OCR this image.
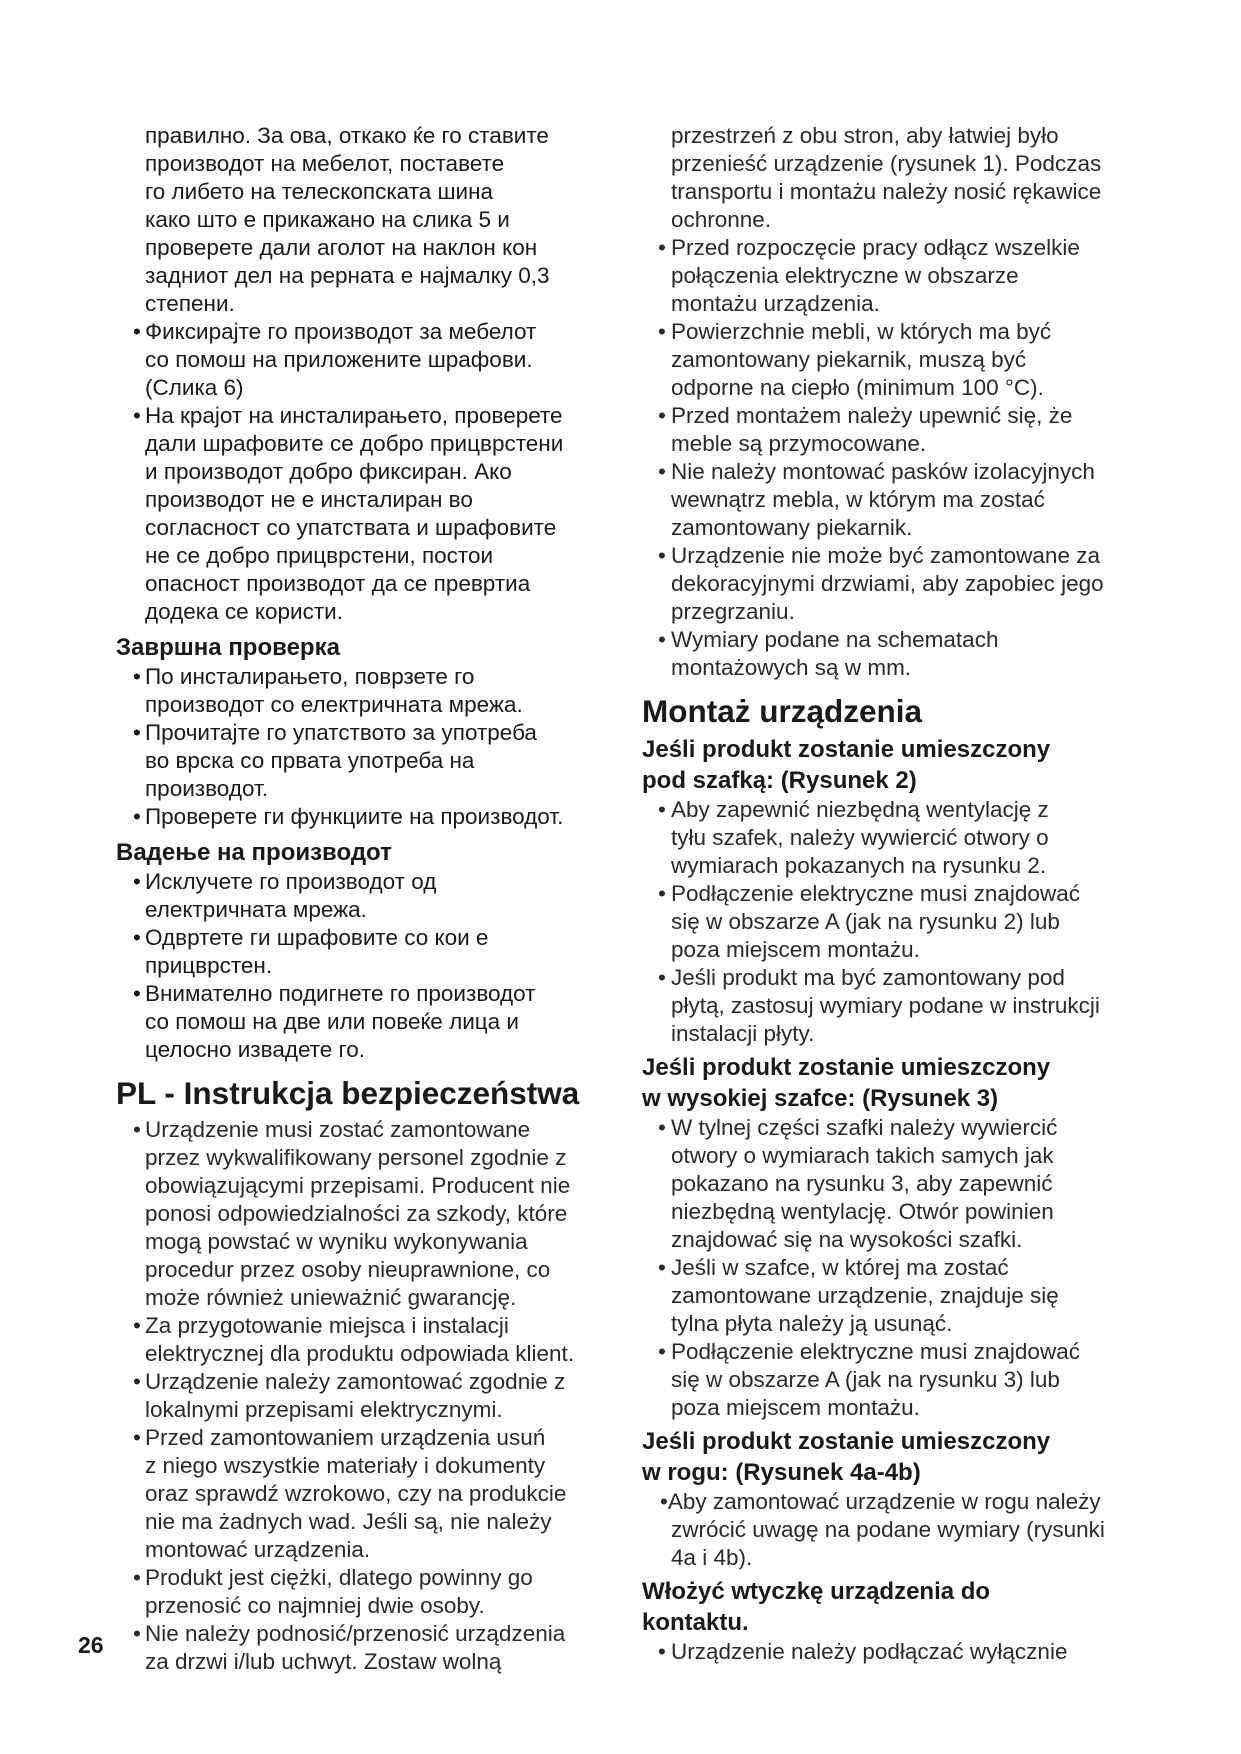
правилно. За ова, откако ќе го ставите
производот на мебелот, поставете
го либето на телескопската шина
како што е прикажано на слика 5 и
проверете дали аголот на наклон кон
задниот дел на рерната е најмалку 0,3
степени.
• Фиксирајте го производот за мебелот
со помош на приложените шрафови.
(Слика 6)
• На крајот на инсталирањето, проверете
дали шрафовите се добро прицврстени
и производот добро фиксиран. Ако
производот не е инсталиран во
согласност со упатствата и шрафовите
не се добро прицврстени, постои
опасност производот да се превртиа
додека се користи.
Завршна проверка
• По инсталирањето, поврзете го
производот со електричната мрежа.
• Прочитајте го упатството за употреба
во врска со првата употреба на
производот.
• Проверете ги функциите на производот.
Вадење на производот
• Исклучете го производот од
електричната мрежа.
• Одвртете ги шрафовите со кои е
прицврстен.
• Внимателно подигнете го производот
со помош на две или повеќе лица и
целосно извадете го.
PL - Instrukcja bezpieczeństwa
• Urządzenie musi zostać zamontowane
przez wykwalifikowany personel zgodnie z
obowiązującymi przepisami. Producent nie
ponosi odpowiedzialności za szkody, które
mogą powstać w wyniku wykonywania
procedur przez osoby nieuprawnione, co
może również unieważnić gwarancję.
• Za przygotowanie miejsca i instalacji
elektrycznej dla produktu odpowiada klient.
• Urządzenie należy zamontować zgodnie z
lokalnymi przepisami elektrycznymi.
• Przed zamontowaniem urządzenia usuń
z niego wszystkie materiały i dokumenty
oraz sprawdź wzrokowo, czy na produkcie
nie ma żadnych wad. Jeśli są, nie należy
montować urządzenia.
• Produkt jest ciężki, dlatego powinny go
przenosić co najmniej dwie osoby.
• Nie należy podnosić/przenosić urządzenia
za drzwi i/lub uchwyt. Zostaw wolną
przestrzeń z obu stron, aby łatwiej było
przenieść urządzenie (rysunek 1). Podczas
transportu i montażu należy nosić rękawice
ochronne.
• Przed rozpoczęcie pracy odłącz wszelkie
połączenia elektryczne w obszarze
montażu urządzenia.
• Powierzchnie mebli, w których ma być
zamontowany piekarnik, muszą być
odporne na ciepło (minimum 100 °C).
• Przed montażem należy upewnić się, że
meble są przymocowane.
• Nie należy montować pasków izolacyjnych
wewnątrz mebla, w którym ma zostać
zamontowany piekarnik.
• Urządzenie nie może być zamontowane za
dekoracyjnymi drzwiami, aby zapobiec jego
przegrzaniu.
• Wymiary podane na schematach
montażowych są w mm.
Montaż urządzenia
Jeśli produkt zostanie umieszczony
pod szafką: (Rysunek 2)
• Aby zapewnić niezbędną wentylację z
tyłu szafek, należy wywiercić otwory o
wymiarach pokazanych na rysunku 2.
• Podłączenie elektryczne musi znajdować
się w obszarze A (jak na rysunku 2) lub
poza miejscem montażu.
• Jeśli produkt ma być zamontowany pod
płytą, zastosuj wymiary podane w instrukcji
instalacji płyty.
Jeśli produkt zostanie umieszczony
w wysokiej szafce: (Rysunek 3)
• W tylnej części szafki należy wywiercić
otwory o wymiarach takich samych jak
pokazano na rysunku 3, aby zapewnić
niezbędną wentylację. Otwór powinien
znajdować się na wysokości szafki.
• Jeśli w szafce, w której ma zostać
zamontowane urządzenie, znajduje się
tylna płyta należy ją usunąć.
• Podłączenie elektryczne musi znajdować
się w obszarze A (jak na rysunku 3) lub
poza miejscem montażu.
Jeśli produkt zostanie umieszczony
w rogu: (Rysunek 4a-4b)
•Aby zamontować urządzenie w rogu należy
zwrócić uwagę na podane wymiary (rysunki
4a i 4b).
Włożyć wtyczkę urządzenia do
kontaktu.
• Urządzenie należy podłączać wyłącznie
26
